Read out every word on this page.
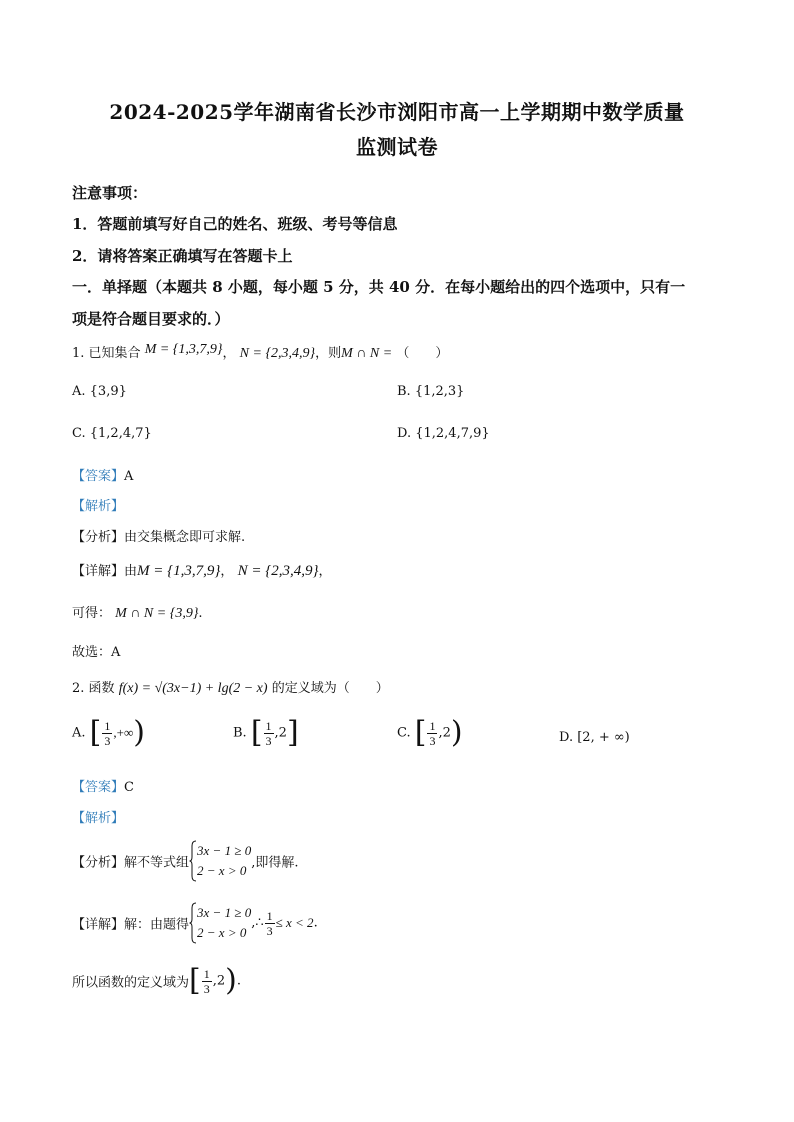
2024-2025学年湖南省长沙市浏阳市高一上学期期中数学质量
监测试卷
注意事项：
1．答题前填写好自己的姓名、班级、考号等信息
2．请将答案正确填写在答题卡上
一．单择题（本题共 8 小题，每小题 5 分，共 40 分．在每小题给出的四个选项中，只有一
项是符合题目要求的．）
1. 已知集合 M = {1,3,7,9}， N = {2,3,4,9}，则M ∩ N = （　　）
A. {3,9}	B. {1,2,3}
C. {1,2,4,7}	D. {1,2,4,7,9}
【答案】A
【解析】
【分析】由交集概念即可求解.
【详解】由M = {1,3,7,9}， N = {2,3,4,9}，
可得： M ∩ N = {3,9}.
故选：A
2. 函数 f(x) = √(3x−1) + lg(2 − x) 的定义域为（　　）
A. [ $\frac{1}{3}$ ,+∞)	B. [ $\frac{1}{3} ,2$]	C. [ $\frac{1}{3} ,2$)	D. [2, + ∞)
【答案】C
【解析】
【分析】解不等式组
3x − 1 ≥ 0
2 − x > 0 ,即得解.
【详解】解：由题得
3x − 1 ≥ 0
2 − x > 0
,∴ $\frac{1}{3} \le x < 2$.
所以函数的定义域为[ $\frac{1}{3} ,2$).
